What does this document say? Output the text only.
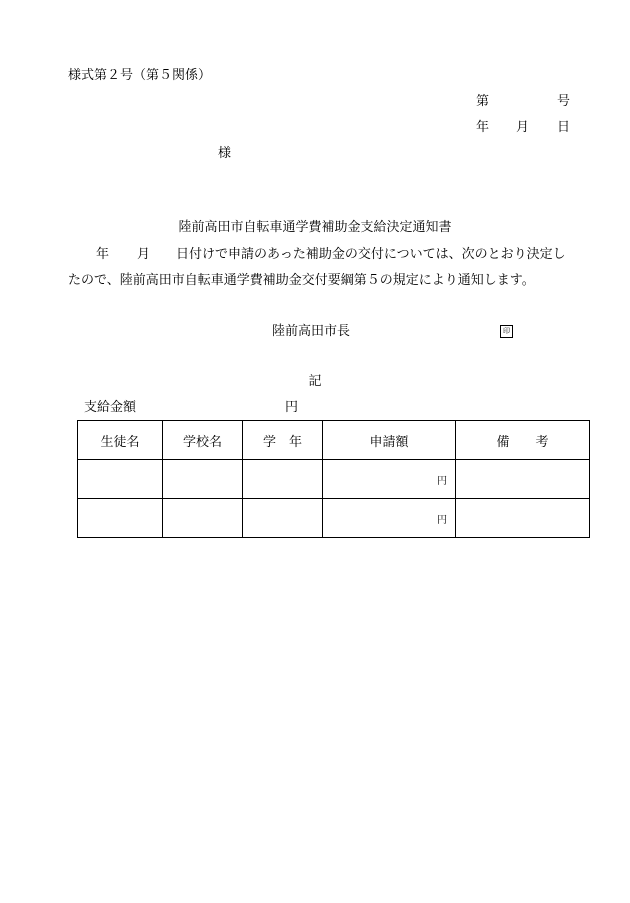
様式第２号（第５関係）
第	号
年 月 日
様
陸前高田市自転車通学費補助金支給決定通知書
年 月 日付けで申請のあった補助金の交付については、次のとおり決定し
たので、陸前高田市自転車通学費補助金交付要綱第５の規定により通知します。
陸前高田市長	印
記
支給金額	円
生徒名	学校名	学　年	申請額	備　　考
			円	
			円	
